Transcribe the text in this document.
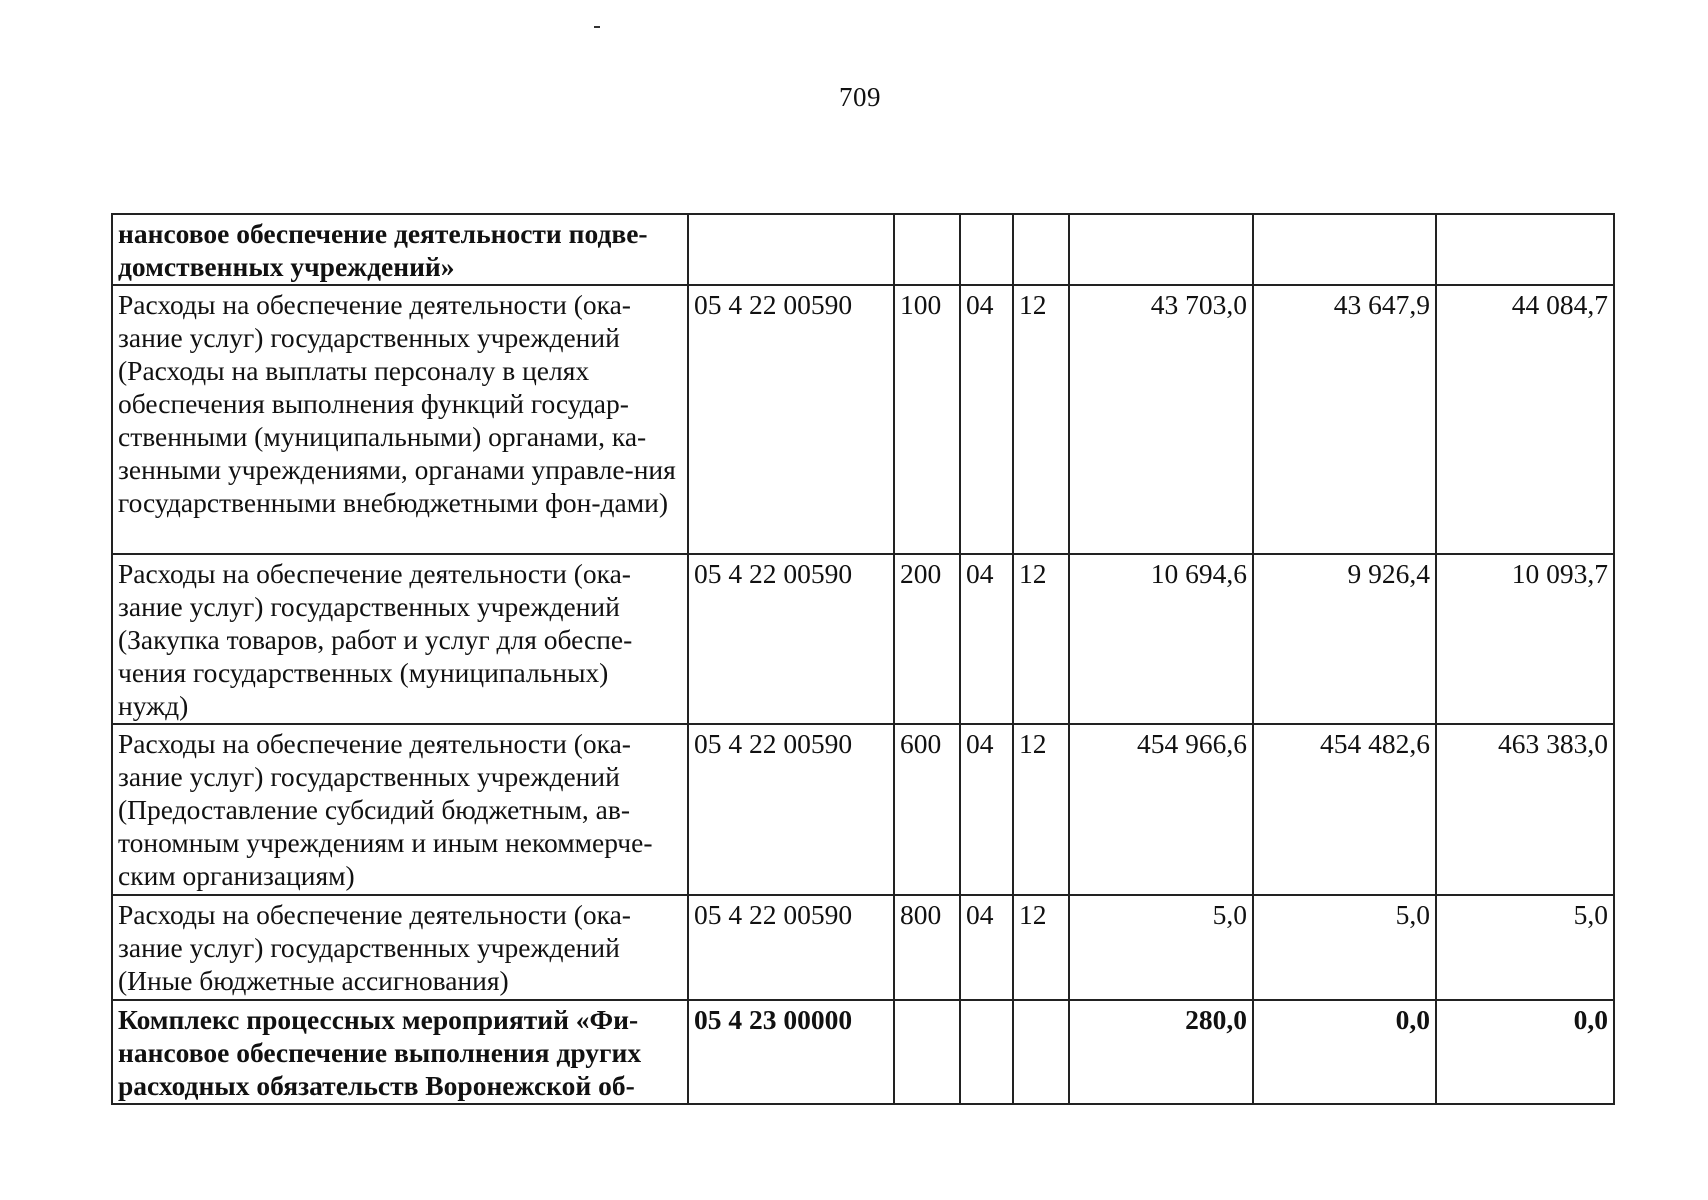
709
нансовое обеспечение деятельности подве-домственных учреждений»							
Расходы на обеспечение деятельности (ока-зание услуг) государственных учреждений (Расходы на выплаты персоналу в целях обеспечения выполнения функций государ-ственными (муниципальными) органами, ка-зенными учреждениями, органами управле-ния государственными внебюджетными фон-дами)	05 4 22 00590	100	04	12	43 703,0	43 647,9	44 084,7
Расходы на обеспечение деятельности (ока-зание услуг) государственных учреждений (Закупка товаров, работ и услуг для обеспе-чения государственных (муниципальных) нужд)	05 4 22 00590	200	04	12	10 694,6	9 926,4	10 093,7
Расходы на обеспечение деятельности (ока-зание услуг) государственных учреждений (Предоставление субсидий бюджетным, ав-тономным учреждениям и иным некоммерче-ским организациям)	05 4 22 00590	600	04	12	454 966,6	454 482,6	463 383,0
Расходы на обеспечение деятельности (ока-зание услуг) государственных учреждений (Иные бюджетные ассигнования)	05 4 22 00590	800	04	12	5,0	5,0	5,0
Комплекс процессных мероприятий «Фи-нансовое обеспечение выполнения других расходных обязательств Воронежской об-	05 4 23 00000				280,0	0,0	0,0
